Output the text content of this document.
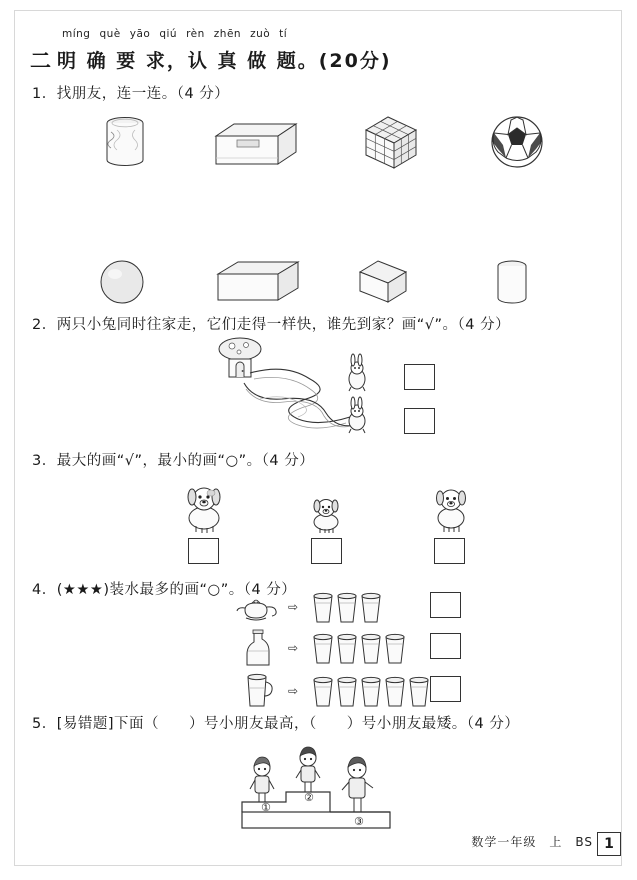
míng què yāo qiú rèn zhēn zuò tí
二 明 确 要 求，认 真 做 题。(20分)
1．找朋友，连一连。（4 分）
2．两只小兔同时往家走，它们走得一样快，谁先到家？画“√”。（4 分）
3．最大的画“√”，最小的画“○”。（4 分）
4．(★★★)装水最多的画“○”。（4 分）
⇨
⇨
⇨
5．[易错题]下面（　　）号小朋友最高，（　　）号小朋友最矮。（4 分）
①
②
③
数学一年级　上　BS 1
